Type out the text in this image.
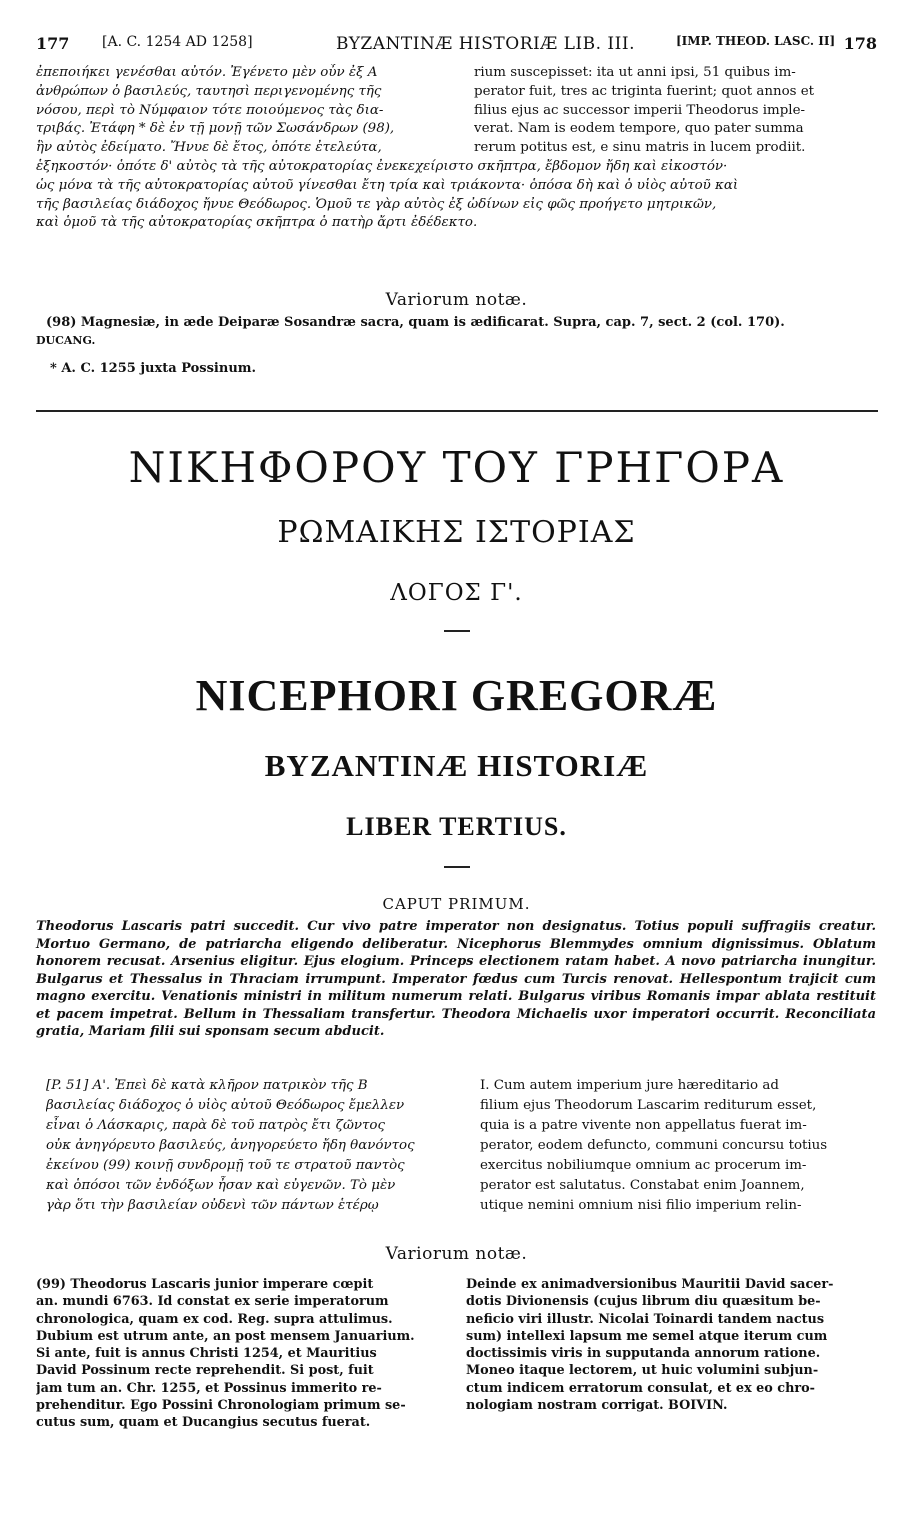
177 [A. C. 1254 AD 1258]	BYZANTINÆ HISTORIÆ LIB. III.	[IMP. THEOD. LASC. II] 178
ἐπεποιήκει γενέσθαι αὐτόν. Ἐγένετο μὲν οὖν ἐξ A
ἀνθρώπων ὁ βασιλεύς, ταυτησὶ περιγενομένης τῆς
νόσου, περὶ τὸ Νύμφαιον τότε ποιούμενος τὰς δια-
τριβάς. Ἐτάφη * δὲ ἐν τῇ μονῇ τῶν Σωσάνδρων (98),
ἣν αὐτὸς ἐδείματο. Ἤνυε δὲ ἔτος, ὁπότε ἐτελεύτα,
rium suscepisset: ita ut anni ipsi, 51 quibus im-
perator fuit, tres ac triginta fuerint; quot annos et
filius ejus ac successor imperii Theodorus imple-
verat. Nam is eodem tempore, quo pater summa
rerum potitus est, e sinu matris in lucem prodiit.
ἑξηκοστόν· ὁπότε δ' αὐτὸς τὰ τῆς αὐτοκρατορίας ἐνεκεχείριστο σκῆπτρα, ἔβδομον ἤδη καὶ εἰκοστόν·
ὡς μόνα τὰ τῆς αὐτοκρατορίας αὐτοῦ γίνεσθαι ἔτη τρία καὶ τριάκοντα· ὁπόσα δὴ καὶ ὁ υἱὸς αὐτοῦ καὶ
τῆς βασιλείας διάδοχος ἤνυε Θεόδωρος. Ὁμοῦ τε γὰρ αὐτὸς ἐξ ὠδίνων εἰς φῶς προήγετο μητρικῶν,
καὶ ὁμοῦ τὰ τῆς αὐτοκρατορίας σκῆπτρα ὁ πατὴρ ἄρτι ἐδέδεκτο.
Variorum notæ.
(98) Magnesiæ, in æde Deiparæ Sosandræ sacra, quam is ædificarat. Supra, cap. 7, sect. 2 (col. 170).
DUCANG.
* A. C. 1255 juxta Possinum.
ΝΙΚΗΦΟΡΟΥ ΤΟΥ ΓΡΗΓΟΡΑ
ΡΩΜΑΙΚΗΣ ΙΣΤΟΡΙΑΣ
ΛΟΓΟΣ Γ'.
NICEPHORI GREGORÆ
BYZANTINÆ HISTORIÆ
LIBER TERTIUS.
CAPUT PRIMUM.
Theodorus Lascaris patri succedit. Cur vivo patre imperator non designatus. Totius populi suffragiis creatur. Mortuo Germano, de patriarcha eligendo deliberatur. Nicephorus Blemmydes omnium dignissimus. Oblatum honorem recusat. Arsenius eligitur. Ejus elogium. Princeps electionem ratam habet. A novo patriarcha inungitur. Bulgarus et Thessalus in Thraciam irrumpunt. Imperator fœdus cum Turcis renovat. Hellespontum trajicit cum magno exercitu. Venationis ministri in militum numerum relati. Bulgarus viribus Romanis impar ablata restituit et pacem impetrat. Bellum in Thessaliam transfertur. Theodora Michaelis uxor imperatori occurrit. Reconciliata gratia, Mariam filii sui sponsam secum abducit.
[P. 51] Α'. Ἐπεὶ δὲ κατὰ κλῆρον πατρικὸν τῆς B
βασιλείας διάδοχος ὁ υἱὸς αὐτοῦ Θεόδωρος ἔμελλεν
εἶναι ὁ Λάσκαρις, παρὰ δὲ τοῦ πατρὸς ἔτι ζῶντος
οὐκ ἀνηγόρευτο βασιλεύς, ἀνηγορεύετο ἤδη θανόντος
ἐκείνου (99) κοινῇ συνδρομῇ τοῦ τε στρατοῦ παντὸς
καὶ ὁπόσοι τῶν ἐνδόξων ἦσαν καὶ εὐγενῶν. Τὸ μὲν
γὰρ ὅτι τὴν βασιλείαν οὐδενὶ τῶν πάντων ἑτέρῳ
I. Cum autem imperium jure hæreditario ad
filium ejus Theodorum Lascarim rediturum esset,
quia is a patre vivente non appellatus fuerat im-
perator, eodem defuncto, communi concursu totius
exercitus nobiliumque omnium ac procerum im-
perator est salutatus. Constabat enim Joannem,
utique nemini omnium nisi filio imperium relin-
Variorum notæ.
(99) Theodorus Lascaris junior imperare cœpit
an. mundi 6763. Id constat ex serie imperatorum
chronologica, quam ex cod. Reg. supra attulimus.
Dubium est utrum ante, an post mensem Januarium.
Si ante, fuit is annus Christi 1254, et Mauritius
David Possinum recte reprehendit. Si post, fuit
jam tum an. Chr. 1255, et Possinus immerito re-
prehenditur. Ego Possini Chronologiam primum se-
cutus sum, quam et Ducangius secutus fuerat.
Deinde ex animadversionibus Mauritii David sacer-
dotis Divionensis (cujus librum diu quæsitum be-
neficio viri illustr. Nicolai Toinardi tandem nactus
sum) intellexi lapsum me semel atque iterum cum
doctissimis viris in supputanda annorum ratione.
Moneo itaque lectorem, ut huic volumini subjun-
ctum indicem erratorum consulat, et ex eo chro-
nologiam nostram corrigat. BOIVIN.
